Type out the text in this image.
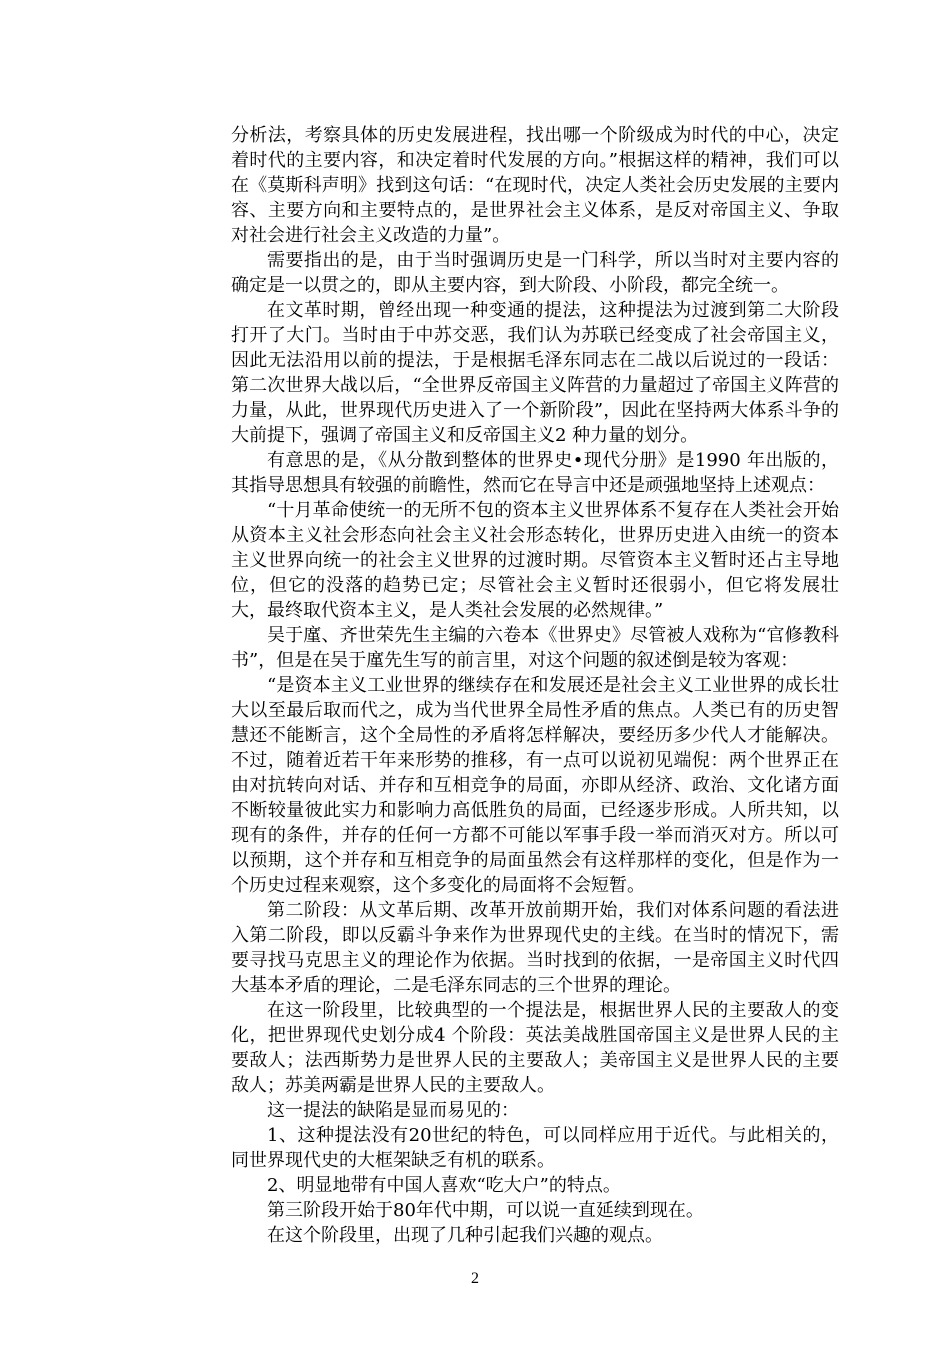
分析法，考察具体的历史发展进程，找出哪一个阶级成为时代的中心，决定着时代的主要内容，和决定着时代发展的方向。”根据这样的精神，我们可以在《莫斯科声明》找到这句话：“在现时代，决定人类社会历史发展的主要内容、主要方向和主要特点的，是世界社会主义体系，是反对帝国主义、争取对社会进行社会主义改造的力量”。

需要指出的是，由于当时强调历史是一门科学，所以当时对主要内容的确定是一以贯之的，即从主要内容，到大阶段、小阶段，都完全统一。

在文革时期，曾经出现一种变通的提法，这种提法为过渡到第二大阶段打开了大门。当时由于中苏交恶，我们认为苏联已经变成了社会帝国主义，因此无法沿用以前的提法，于是根据毛泽东同志在二战以后说过的一段话：第二次世界大战以后，“全世界反帝国主义阵营的力量超过了帝国主义阵营的力量，从此，世界现代历史进入了一个新阶段”，因此在坚持两大体系斗争的大前提下，强调了帝国主义和反帝国主义2 种力量的划分。

有意思的是，《从分散到整体的世界史•现代分册》是1990 年出版的，其指导思想具有较强的前瞻性，然而它在导言中还是顽强地坚持上述观点：

“十月革命使统一的无所不包的资本主义世界体系不复存在人类社会开始从资本主义社会形态向社会主义社会形态转化，世界历史进入由统一的资本主义世界向统一的社会主义世界的过渡时期。尽管资本主义暂时还占主导地位，但它的没落的趋势已定；尽管社会主义暂时还很弱小，但它将发展壮大，最终取代资本主义，是人类社会发展的必然规律。”

吴于廑、齐世荣先生主编的六卷本《世界史》尽管被人戏称为“官修教科书”，但是在吴于廑先生写的前言里，对这个问题的叙述倒是较为客观：

“是资本主义工业世界的继续存在和发展还是社会主义工业世界的成长壮大以至最后取而代之，成为当代世界全局性矛盾的焦点。人类已有的历史智慧还不能断言，这个全局性的矛盾将怎样解决，要经历多少代人才能解决。不过，随着近若干年来形势的推移，有一点可以说初见端倪：两个世界正在由对抗转向对话、并存和互相竞争的局面，亦即从经济、政治、文化诸方面不断较量彼此实力和影响力高低胜负的局面，已经逐步形成。人所共知，以现有的条件，并存的任何一方都不可能以军事手段一举而消灭对方。所以可以预期，这个并存和互相竞争的局面虽然会有这样那样的变化，但是作为一个历史过程来观察，这个多变化的局面将不会短暂。

第二阶段：从文革后期、改革开放前期开始，我们对体系问题的看法进入第二阶段，即以反霸斗争来作为世界现代史的主线。在当时的情况下，需要寻找马克思主义的理论作为依据。当时找到的依据，一是帝国主义时代四大基本矛盾的理论，二是毛泽东同志的三个世界的理论。

在这一阶段里，比较典型的一个提法是，根据世界人民的主要敌人的变化，把世界现代史划分成4 个阶段：英法美战胜国帝国主义是世界人民的主要敌人；法西斯势力是世界人民的主要敌人；美帝国主义是世界人民的主要敌人；苏美两霸是世界人民的主要敌人。

这一提法的缺陷是显而易见的：

1、这种提法没有20世纪的特色，可以同样应用于近代。与此相关的，同世界现代史的大框架缺乏有机的联系。

2、明显地带有中国人喜欢“吃大户”的特点。

第三阶段开始于80年代中期，可以说一直延续到现在。

在这个阶段里，出现了几种引起我们兴趣的观点。

2
